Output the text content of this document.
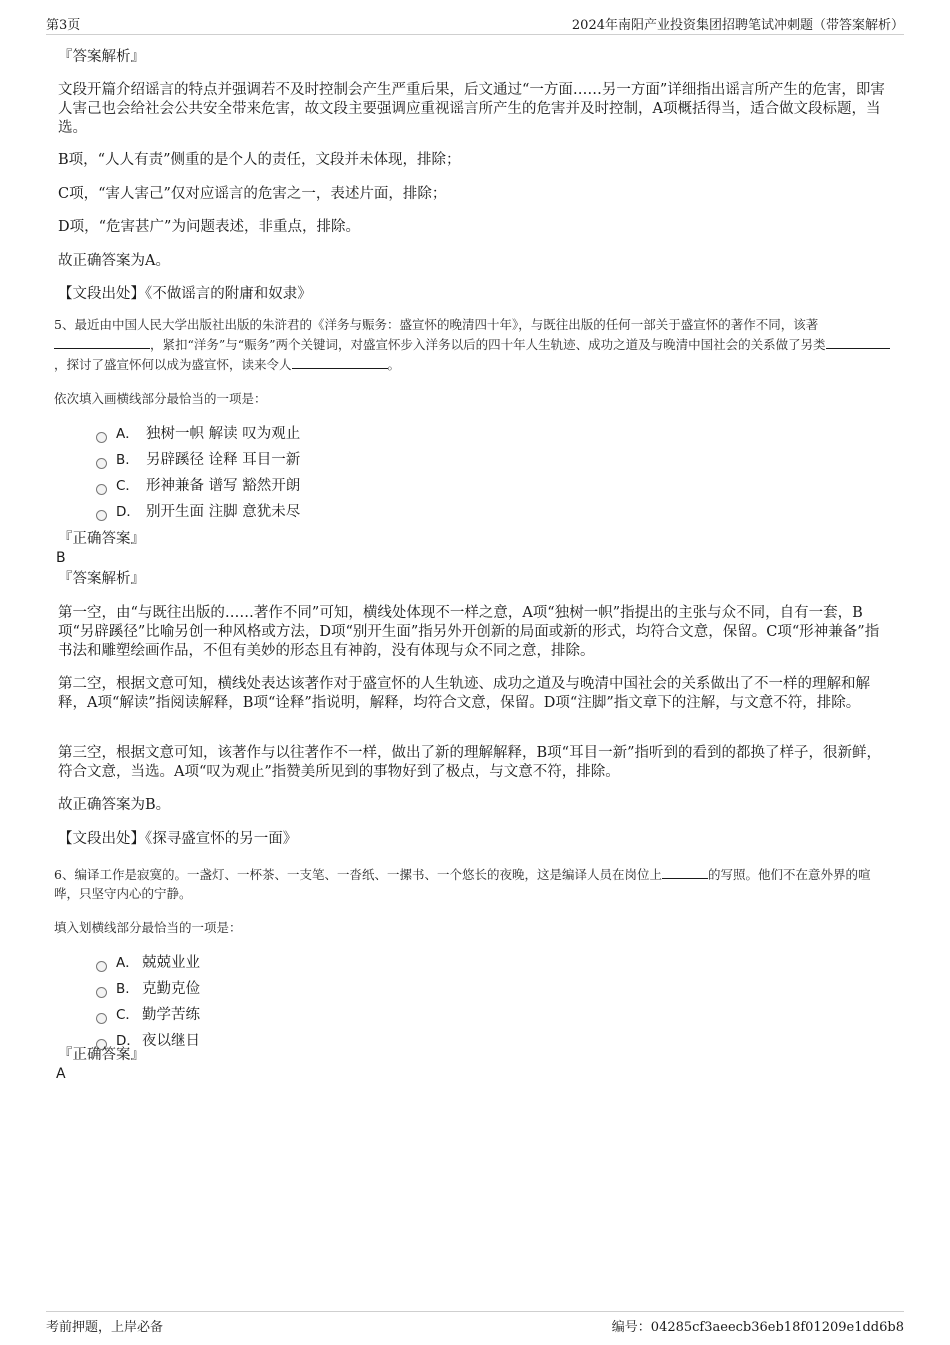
第3页	2024年南阳产业投资集团招聘笔试冲刺题（带答案解析）
『答案解析』
文段开篇介绍谣言的特点并强调若不及时控制会产生严重后果，后文通过“一方面……另一方面”详细指出谣言所产生的危害，即害人害己也会给社会公共安全带来危害，故文段主要强调应重视谣言所产生的危害并及时控制，A项概括得当，适合做文段标题，当选。
B项，“人人有责”侧重的是个人的责任，文段并未体现，排除；
C项，“害人害己”仅对应谣言的危害之一，表述片面，排除；
D项，“危害甚广”为问题表述，非重点，排除。
故正确答案为A。
【文段出处】《不做谣言的附庸和奴隶》
5、最近由中国人民大学出版社出版的朱浒君的《洋务与赈务：盛宣怀的晚清四十年》，与既往出版的任何一部关于盛宣怀的著作不同，该著，紧扣“洋务”与“赈务”两个关键词，对盛宣怀步入洋务以后的四十年人生轨迹、成功之道及与晚清中国社会的关系做了另类，探讨了盛宣怀何以成为盛宣怀，读来令人	。
依次填入画横线部分最恰当的一项是：
A． 独树一帜 解读 叹为观止
B.	另辟蹊径 诠释 耳目一新
C． 形神兼备 谱写 豁然开朗
D． 别开生面 注脚 意犹未尽
『正确答案』
B
『答案解析』
第一空，由“与既往出版的……著作不同”可知，横线处体现不一样之意，A项“独树一帜”指提出的主张与众不同，自有一套，B项“另辟蹊径”比喻另创一种风格或方法，D项“别开生面”指另外开创新的局面或新的形式，均符合文意，保留。C项“形神兼备”指书法和雕塑绘画作品，不但有美妙的形态且有神韵，没有体现与众不同之意，排除。
第二空，根据文意可知，横线处表达该著作对于盛宣怀的人生轨迹、成功之道及与晚清中国社会的关系做出了不一样的理解和解释，A项“解读”指阅读解释，B项“诠释”指说明，解释，均符合文意，保留。D项“注脚”指文章下的注解，与文意不符，排除。
第三空，根据文意可知，该著作与以往著作不一样，做出了新的理解解释，B项“耳目一新”指听到的看到的都换了样子，很新鲜，符合文意，当选。A项“叹为观止”指赞美所见到的事物好到了极点，与文意不符，排除。
故正确答案为B。
【文段出处】《探寻盛宣怀的另一面》
6、编译工作是寂寞的。一盏灯、一杯茶、一支笔、一沓纸、一摞书、一个悠长的夜晚，这是编译人员在岗位上	的写照。他们不在意外界的喧哗，只坚守内心的宁静。
填入划横线部分最恰当的一项是：
A． 兢兢业业
B. 克勤克俭
C． 勤学苦练
D． 夜以继日
『正确答案』
A
考前押题，上岸必备	编号：04285cf3aeecb36eb18f01209e1dd6b8
